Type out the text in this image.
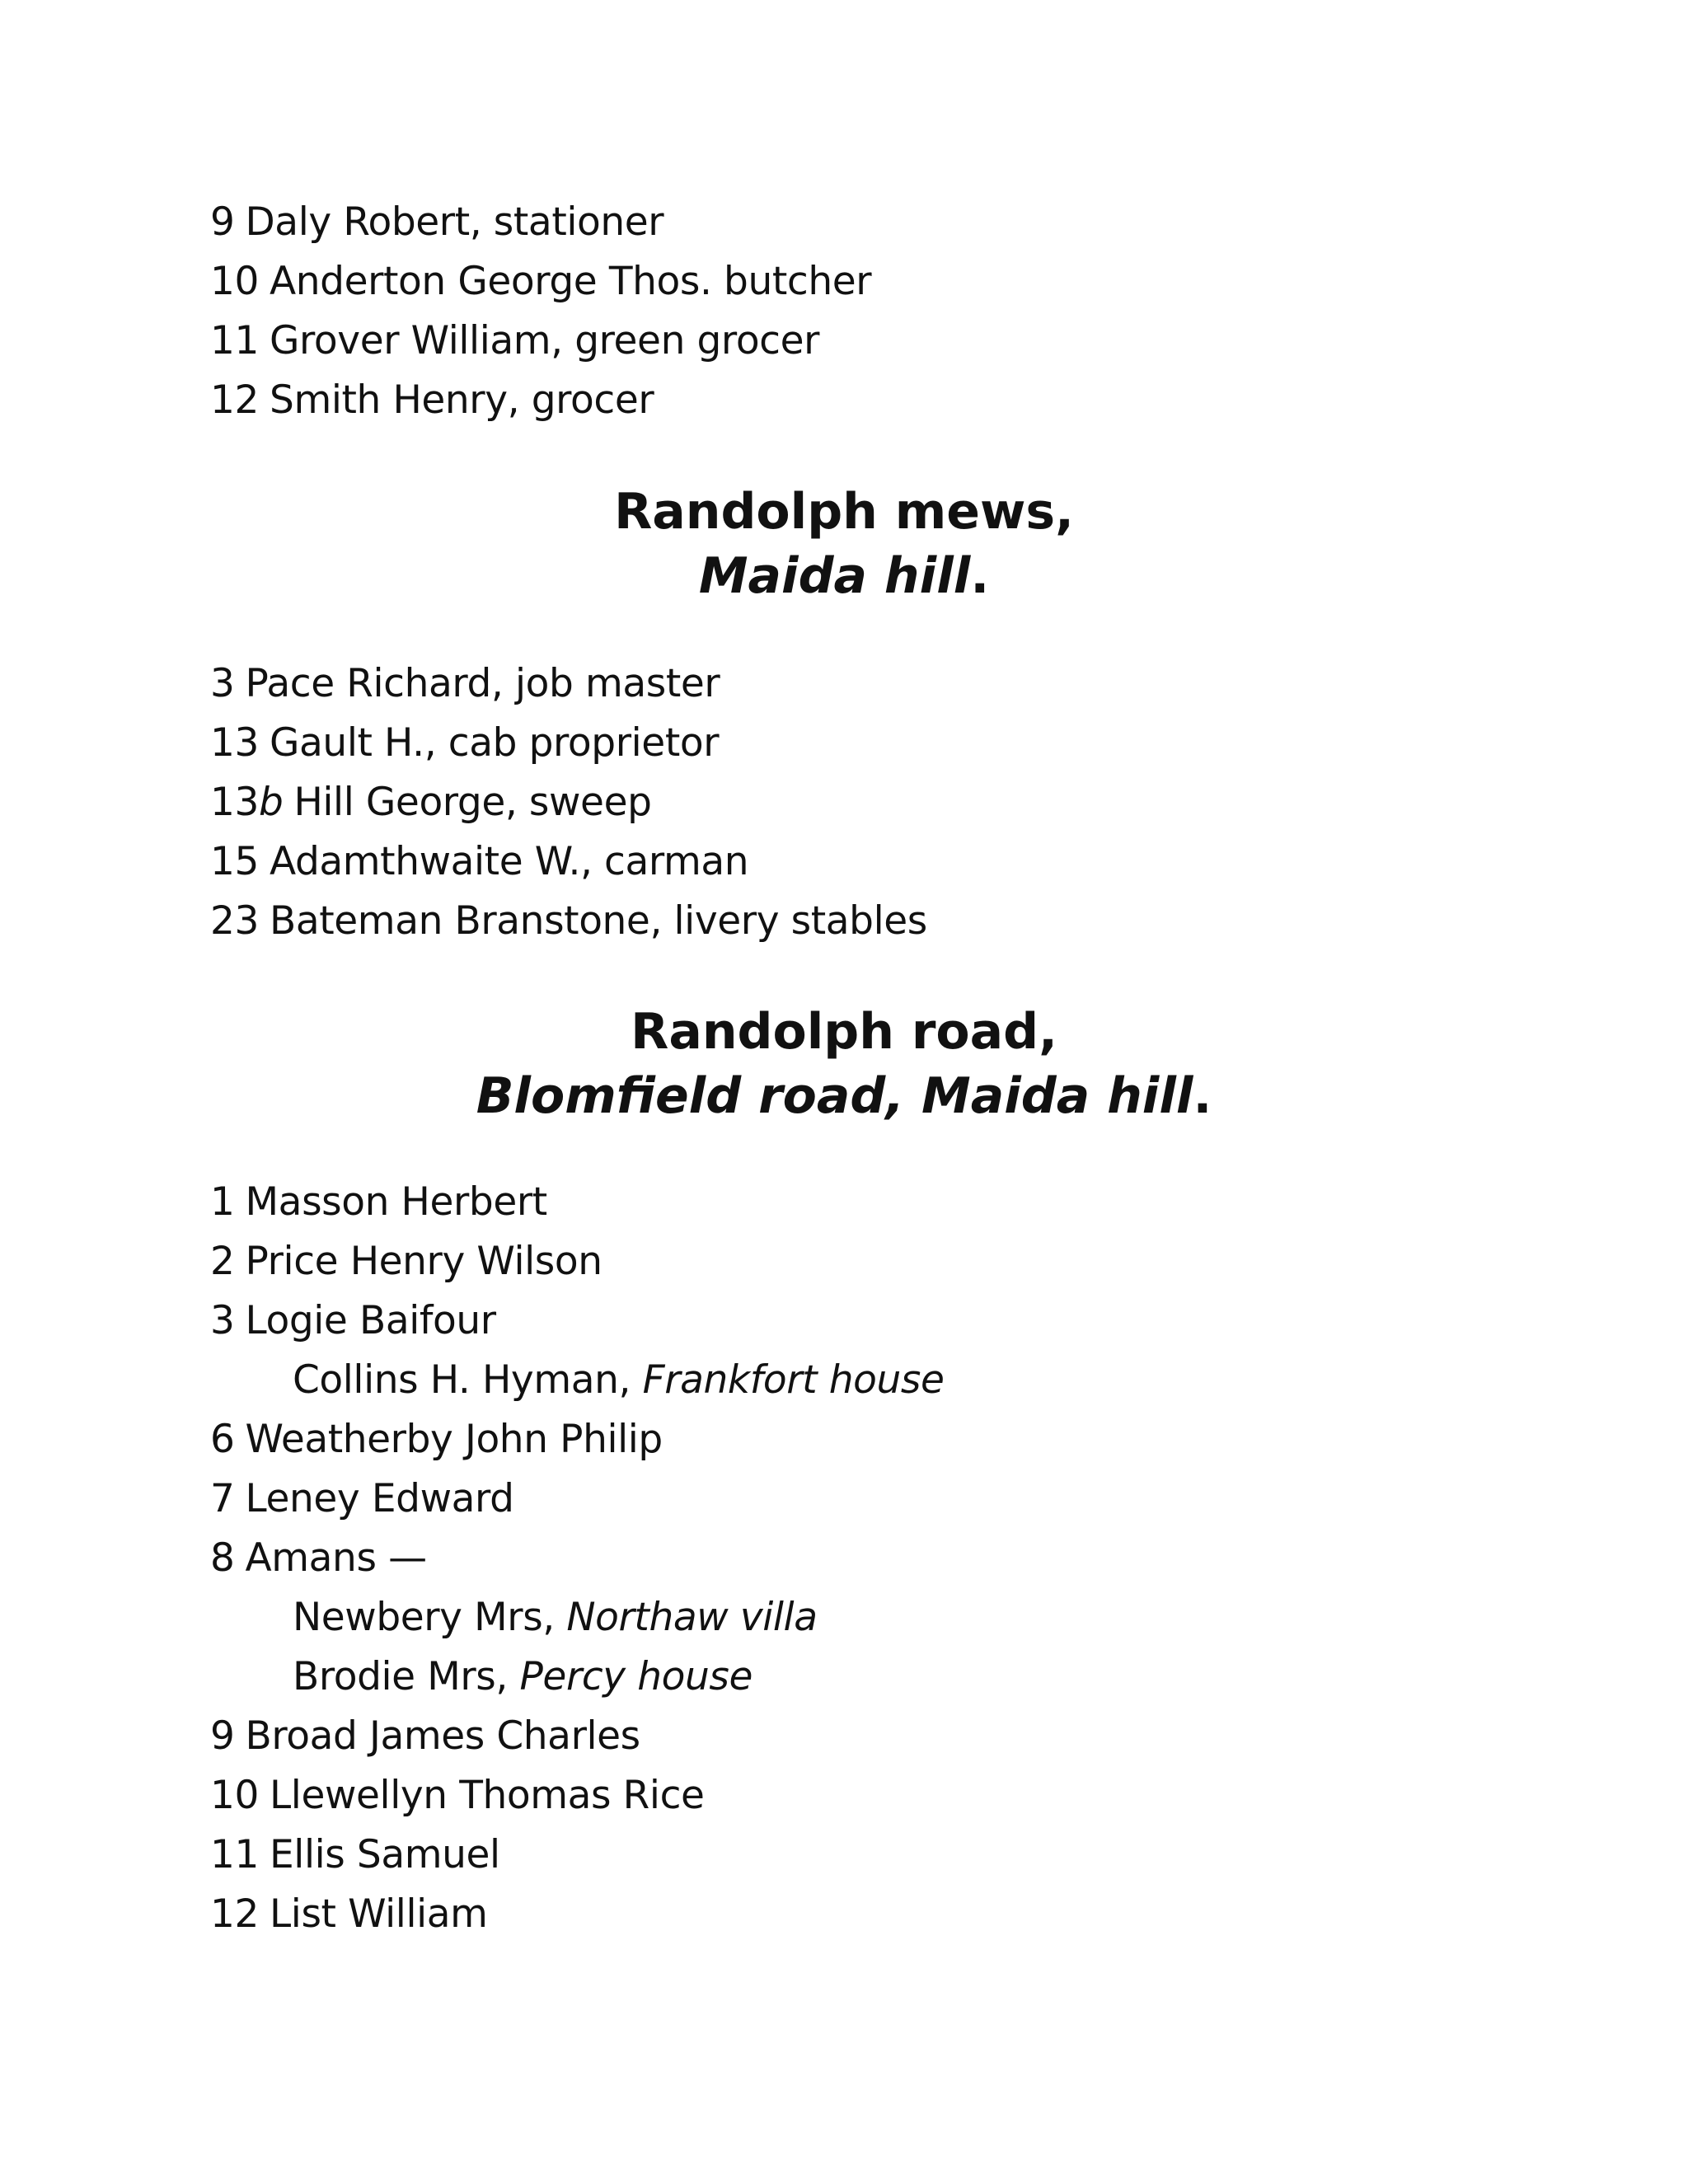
9 Daly Robert, stationer
10 Anderton George Thos. butcher
11 Grover William, green grocer
12 Smith Henry, grocer
Randolph mews,
Maida hill.
3 Pace Richard, job master
13 Gault H., cab proprietor
13b Hill George, sweep
15 Adamthwaite W., carman
23 Bateman Branstone, livery stables
Randolph road,
Blomfield road, Maida hill.
1 Masson Herbert
2 Price Henry Wilson
3 Logie Baifour
Collins H. Hyman, Frankfort house
6 Weatherby John Philip
7 Leney Edward
8 Amans —
Newbery Mrs, Northaw villa
Brodie Mrs, Percy house
9 Broad James Charles
10 Llewellyn Thomas Rice
11 Ellis Samuel
12 List William
